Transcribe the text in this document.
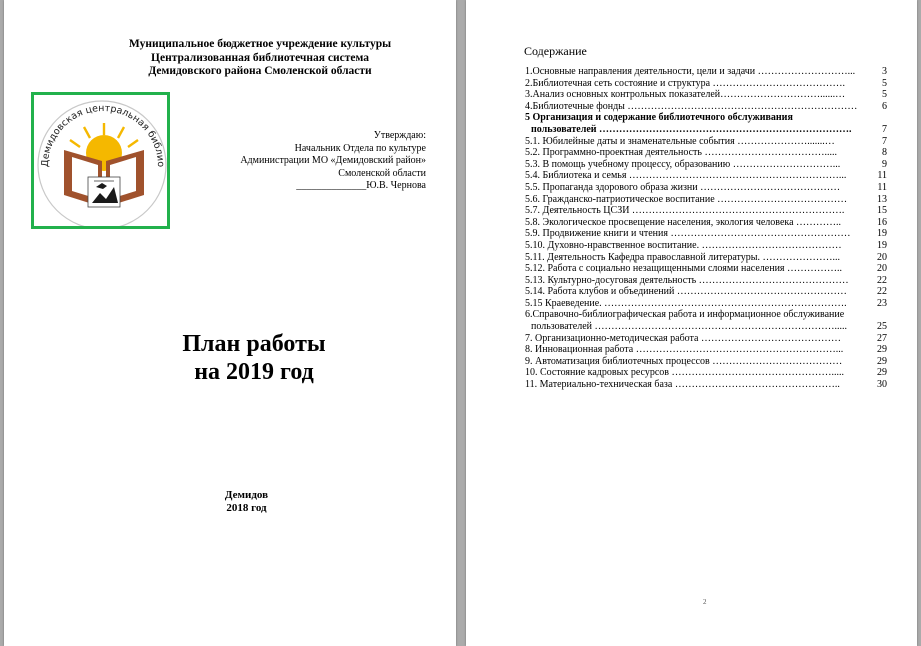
Муниципальное бюджетное учреждение культуры
Централизованная библиотечная система
Демидовского района Смоленской области
Демидовская центральная библио
Утверждаю:
Начальник Отдела по культуре
Администрации МО «Демидовский район»
Смоленской области
______________Ю.В. Чернова
План работы
на 2019 год
Демидов
2018 год
Содержание
1.Основные направления деятельности, цели и задачи ………………………...	3
2.Библиотечная сеть состояние и структура ………………………………….	5
3.Анализ основных контрольных показателей…………………………......…	5
4.Библиотечные фонды …………………………………………………………… 6
5 Организация и содержание библиотечного обслуживания
пользователей ………………………………………………………………….	7
5.1. Юбилейные даты и знаменательные события ………………….......…	7
5.2. Программно-проектная деятельность ……………………………….....	8
5.3. В помощь учебному процессу, образованию …………………………...	9
5.4. Библиотека и семья ………………………………………………………...	11
5.5. Пропаганда здорового образа жизни ……………………………………	11
5.6. Гражданско-патриотическое воспитание …………………………………	13
5.7. Деятельность ЦСЗИ ……………………………………………………….	15
5.8. Экологическое просвещение населения, экология человека …………..	16
5.9. Продвижение книги и чтения ………………………………………………	19
5.10. Духовно-нравственное воспитание. ……………………………………	19
5.11. Деятельность Кафедра православной литературы. …………………...	20
5.12. Работа с социально незащищенными слоями населения ……………..	20
5.13. Культурно-досуговая деятельность ………………………………………	22
5.14. Работа клубов и объединений ……………………………………………	22
5.15 Краеведение. ……………………………………………………………….	23
6.Справочно-библиографическая работа и информационное обслуживание
пользователей ……………………………………………………………….....	25
7. Организационно-методическая работа ……………………………………	27
8. Инновационная работа ……………………………………………………...	29
9. Автоматизация библиотечных процессов …………………………………	29
10. Состояние кадровых ресурсов ………………………………………….....	29
11. Материально-техническая база …………………………………………..	30
2
